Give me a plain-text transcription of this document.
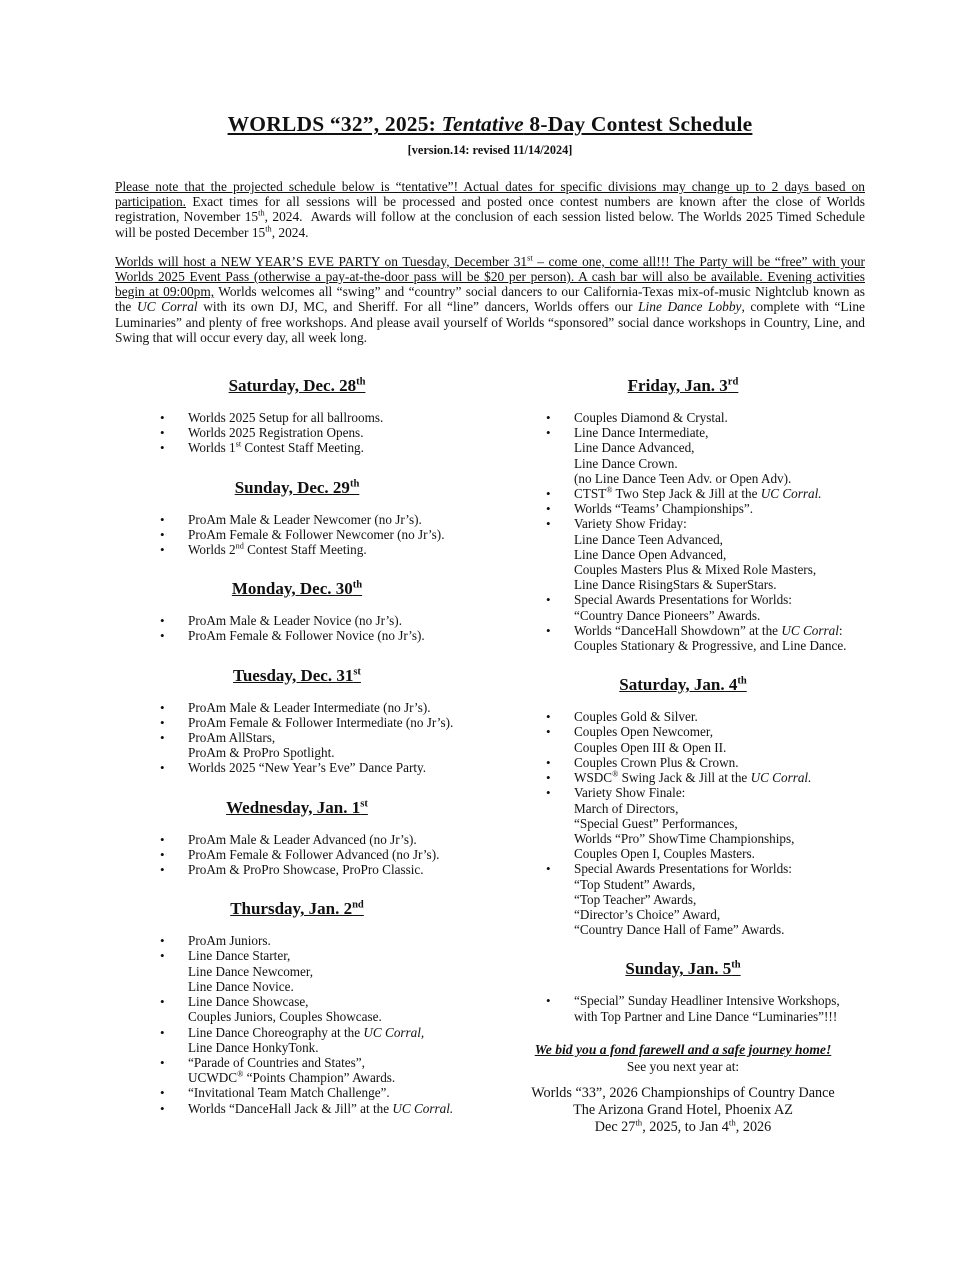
WORLDS “32”, 2025: Tentative 8-Day Contest Schedule
[version.14: revised 11/14/2024]

Please note that the projected schedule below is “tentative”! Actual dates for specific divisions may change up to 2 days based on participation. Exact times for all sessions will be processed and posted once contest numbers are known after the close of Worlds registration, November 15th, 2024.  Awards will follow at the conclusion of each session listed below. The Worlds 2025 Timed Schedule will be posted December 15th, 2024.

Worlds will host a NEW YEAR’S EVE PARTY on Tuesday, December 31st – come one, come all!!! The Party will be “free” with your Worlds 2025 Event Pass (otherwise a pay-at-the-door pass will be $20 per person). A cash bar will also be available. Evening activities begin at 09:00pm, Worlds welcomes all “swing” and “country” social dancers to our California-Texas mix-of-music Nightclub known as the UC Corral with its own DJ, MC, and Sheriff. For all “line” dancers, Worlds offers our Line Dance Lobby, complete with “Line Luminaries” and plenty of free workshops. And please avail yourself of Worlds “sponsored” social dance workshops in Country, Line, and Swing that will occur every day, all week long.

Saturday, Dec. 28th
• Worlds 2025 Setup for all ballrooms.
• Worlds 2025 Registration Opens.
• Worlds 1st Contest Staff Meeting.
Sunday, Dec. 29th
• ProAm Male & Leader Newcomer (no Jr’s).
• ProAm Female & Follower Newcomer (no Jr’s).
• Worlds 2nd Contest Staff Meeting.
Monday, Dec. 30th
• ProAm Male & Leader Novice (no Jr’s).
• ProAm Female & Follower Novice (no Jr’s).
Tuesday, Dec. 31st
• ProAm Male & Leader Intermediate (no Jr’s).
• ProAm Female & Follower Intermediate (no Jr’s).
• ProAm AllStars,
ProAm & ProPro Spotlight.
• Worlds 2025 “New Year’s Eve” Dance Party.
Wednesday, Jan. 1st
• ProAm Male & Leader Advanced (no Jr’s).
• ProAm Female & Follower Advanced (no Jr’s).
• ProAm & ProPro Showcase, ProPro Classic.
Thursday, Jan. 2nd
• ProAm Juniors.
• Line Dance Starter,
Line Dance Newcomer,
Line Dance Novice.
• Line Dance Showcase,
Couples Juniors, Couples Showcase.
• Line Dance Choreography at the UC Corral,
Line Dance HonkyTonk.
• “Parade of Countries and States”,
UCWDC® “Points Champion” Awards.
• “Invitational Team Match Challenge”.
• Worlds “DanceHall Jack & Jill” at the UC Corral.
Friday, Jan. 3rd
• Couples Diamond & Crystal.
• Line Dance Intermediate,
Line Dance Advanced,
Line Dance Crown.
(no Line Dance Teen Adv. or Open Adv).
• CTST® Two Step Jack & Jill at the UC Corral.
• Worlds “Teams’ Championships”.
• Variety Show Friday:
Line Dance Teen Advanced,
Line Dance Open Advanced,
Couples Masters Plus & Mixed Role Masters,
Line Dance RisingStars & SuperStars.
• Special Awards Presentations for Worlds:
“Country Dance Pioneers” Awards.
• Worlds “DanceHall Showdown” at the UC Corral:
Couples Stationary & Progressive, and Line Dance.
Saturday, Jan. 4th
• Couples Gold & Silver.
• Couples Open Newcomer,
Couples Open III & Open II.
• Couples Crown Plus & Crown.
• WSDC® Swing Jack & Jill at the UC Corral.
• Variety Show Finale:
March of Directors,
“Special Guest” Performances,
Worlds “Pro” ShowTime Championships,
Couples Open I, Couples Masters.
• Special Awards Presentations for Worlds:
“Top Student” Awards,
“Top Teacher” Awards,
“Director’s Choice” Award,
“Country Dance Hall of Fame” Awards.
Sunday, Jan. 5th
• “Special” Sunday Headliner Intensive Workshops,
with Top Partner and Line Dance “Luminaries”!!!

We bid you a fond farewell and a safe journey home!

See you next year at:

Worlds “33”, 2026 Championships of Country Dance

The Arizona Grand Hotel, Phoenix AZ

Dec 27th, 2025, to Jan 4th, 2026
